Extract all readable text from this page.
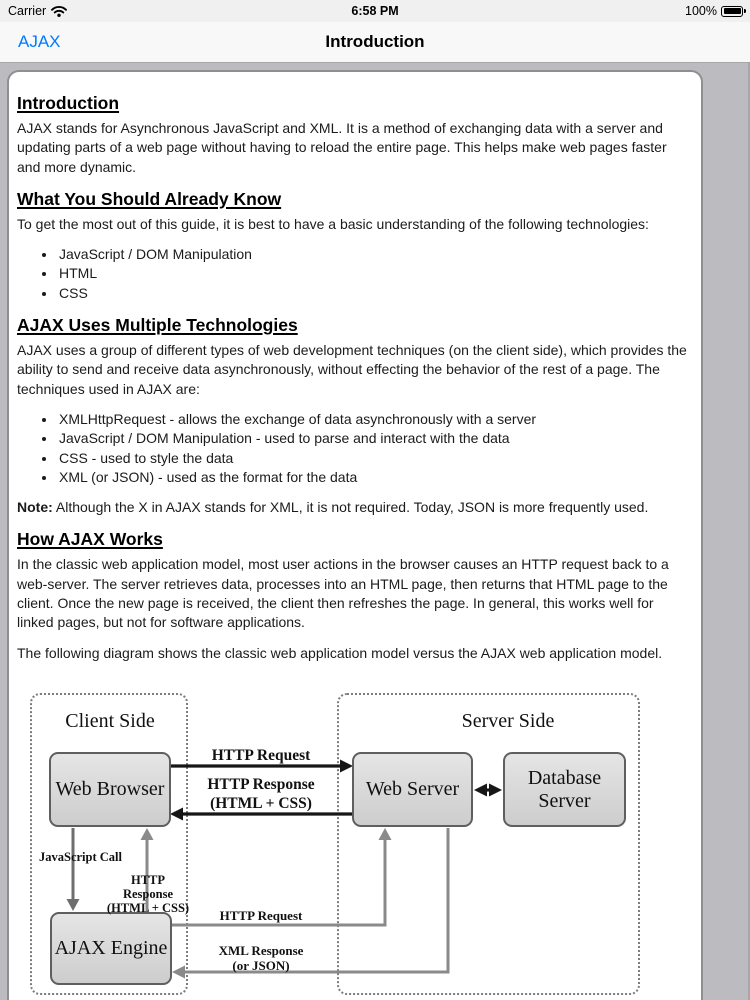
Carrier	6:58 PM	100%
AJAX	Introduction
Introduction

AJAX stands for Asynchronous JavaScript and XML. It is a method of exchanging data with a server and updating parts of a web page without having to reload the entire page. This helps make web pages faster and more dynamic.

What You Should Already Know

To get the most out of this guide, it is best to have a basic understanding of the following technologies:

• JavaScript / DOM Manipulation
• HTML
• CSS
AJAX Uses Multiple Technologies

AJAX uses a group of different types of web development techniques (on the client side), which provides the ability to send and receive data asynchronously, without effecting the behavior of the rest of a page. The techniques used in AJAX are:

• XMLHttpRequest - allows the exchange of data asynchronously with a server
• JavaScript / DOM Manipulation - used to parse and interact with the data
• CSS - used to style the data
• XML (or JSON) - used as the format for the data

Note: Although the X in AJAX stands for XML, it is not required. Today, JSON is more frequently used.

How AJAX Works

In the classic web application model, most user actions in the browser causes an HTTP request back to a web-server. The server retrieves data, processes into an HTML page, then returns that HTML page to the client. Once the new page is received, the client then refreshes the page. In general, this works well for linked pages, but not for software applications.

The following diagram shows the classic web application model versus the AJAX web application model.

Client Side	Server Side
Web Browser	Web Server
Database Server
AJAX Engine
HTTP Request
HTTP Response
(HTML + CSS)
JavaScript Call
HTTP Response
(HTML + CSS)	HTTP Request
XML Response
(or JSON)
